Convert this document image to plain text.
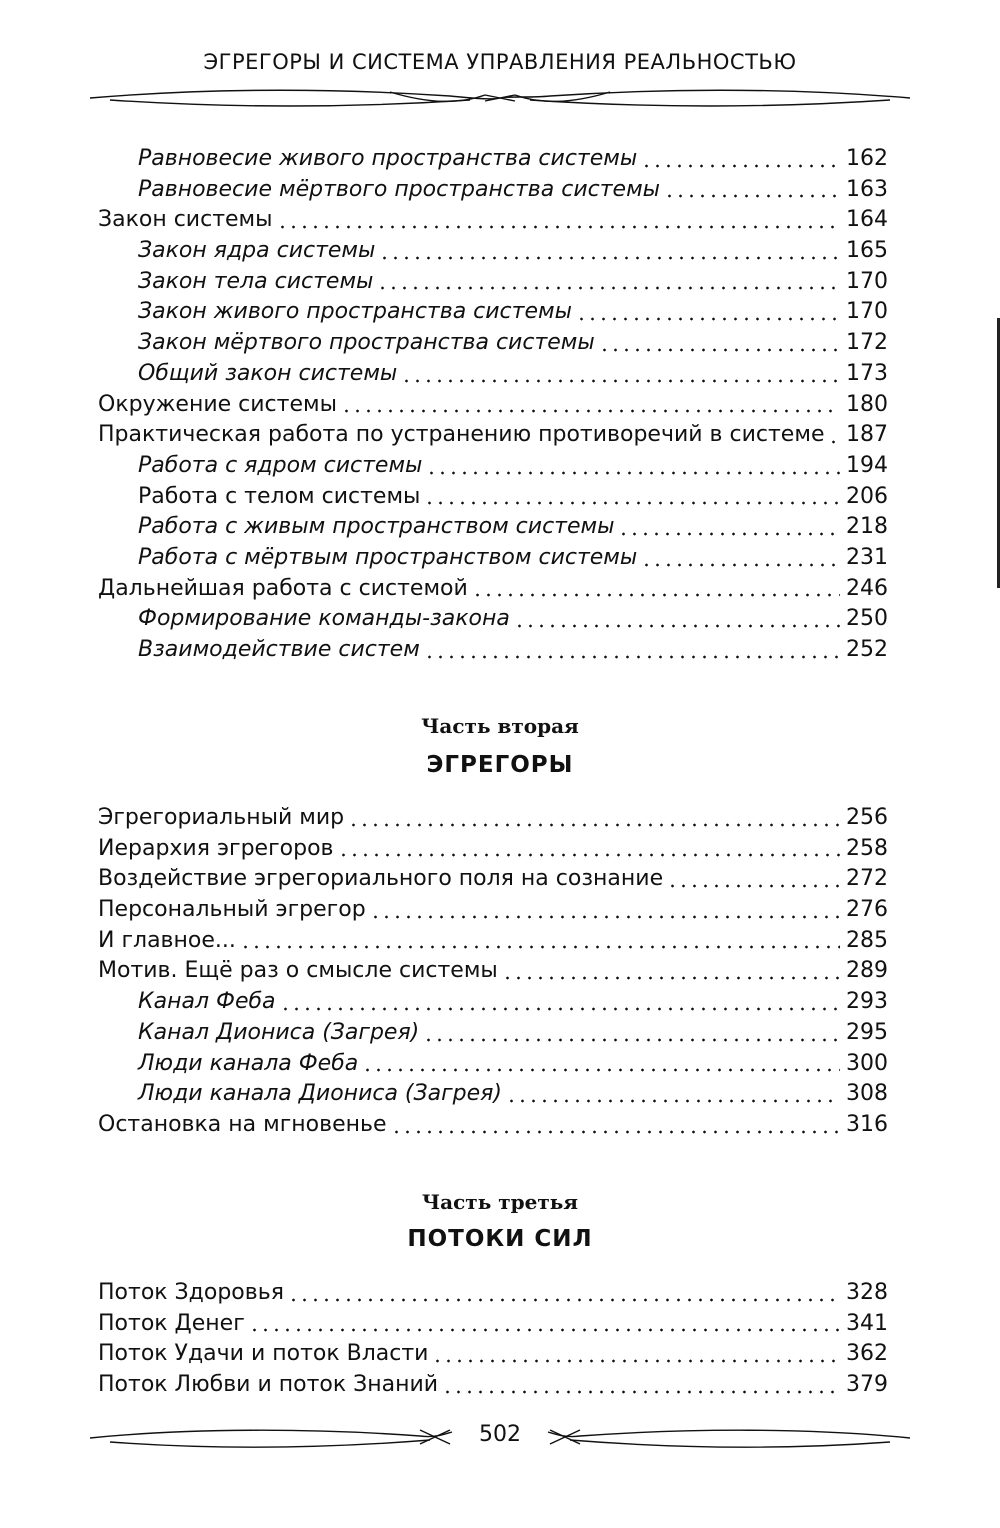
ЭГРЕГОРЫ И СИСТЕМА УПРАВЛЕНИЯ РЕАЛЬНОСТЬЮ
Равновесие живого пространства системы	162
Равновесие мёртвого пространства системы	163
Закон системы	164
Закон ядра системы	165
Закон тела системы	170
Закон живого пространства системы	170
Закон мёртвого пространства системы	172
Общий закон системы	173
Окружение системы	180
Практическая работа по устранению противоречий в системе 187
Работа с ядром системы	194
Работа с телом системы	206
Работа с живым пространством системы	218
Работа с мёртвым пространством системы	231
Дальнейшая работа с системой	246
Формирование команды-закона	250
Взаимодействие систем	252
Часть вторая
ЭГРЕГОРЫ
Эгрегориальный мир	256
Иерархия эгрегоров	258
Воздействие эгрегориального поля на сознание	272
Персональный эгрегор	276
И главное...	285
Мотив. Ещё раз о смысле системы	289
Канал Феба	293
Канал Диониса (Загрея)	295
Люди канала Феба	300
Люди канала Диониса (Загрея)	308
Остановка на мгновенье	316
Часть третья
ПОТОКИ СИЛ
Поток Здоровья	328
Поток Денег	341
Поток Удачи и поток Власти	362
Поток Любви и поток Знаний	379
502
